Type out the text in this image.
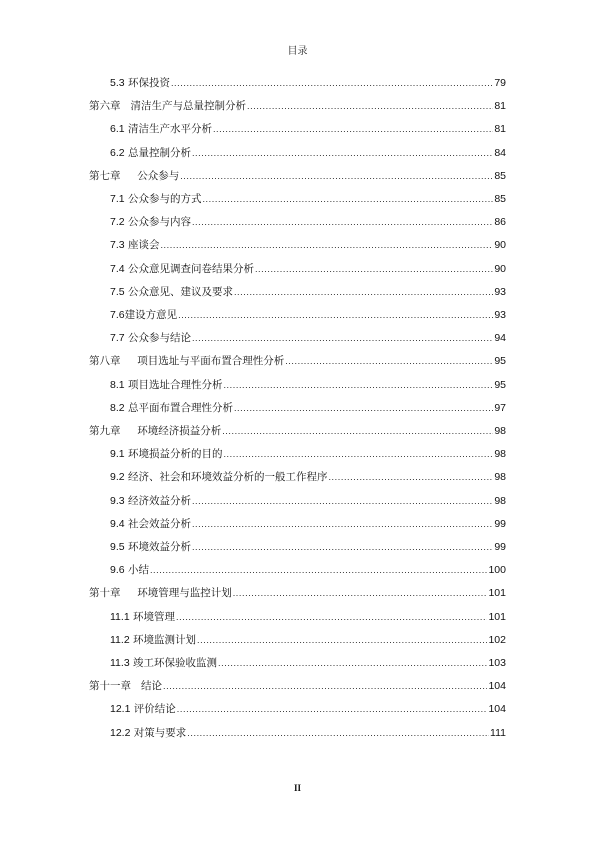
目录
5.3 环保投资 .....	79
第六章 清洁生产与总量控制分析 .....	81
6.1 清洁生产水平分析 .....	81
6.2 总量控制分析 .....	84
第七章 公众参与 .....	85
7.1 公众参与的方式 .....	85
7.2 公众参与内容 .....	86
7.3 座谈会 .....	90
7.4 公众意见调查问卷结果分析 .....	90
7.5 公众意见、建议及要求 .....	93
7.6建设方意见 .....	93
7.7 公众参与结论 .....	94
第八章 项目选址与平面布置合理性分析 .....	95
8.1 项目选址合理性分析 .....	95
8.2 总平面布置合理性分析 .....	97
第九章 环境经济损益分析 .....	98
9.1 环境损益分析的目的 .....	98
9.2 经济、社会和环境效益分析的一般工作程序 .....	98
9.3 经济效益分析 .....	98
9.4 社会效益分析 .....	99
9.5 环境效益分析 .....	99
9.6 小结 .....	100
第十章 环境管理与监控计划 .....	101
11.1 环境管理 .....	101
11.2 环境监测计划 .....	102
11.3 竣工环保验收监测 .....	103
第十一章 结论 .....	104
12.1 评价结论 .....	104
12.2 对策与要求 .....	111
II
